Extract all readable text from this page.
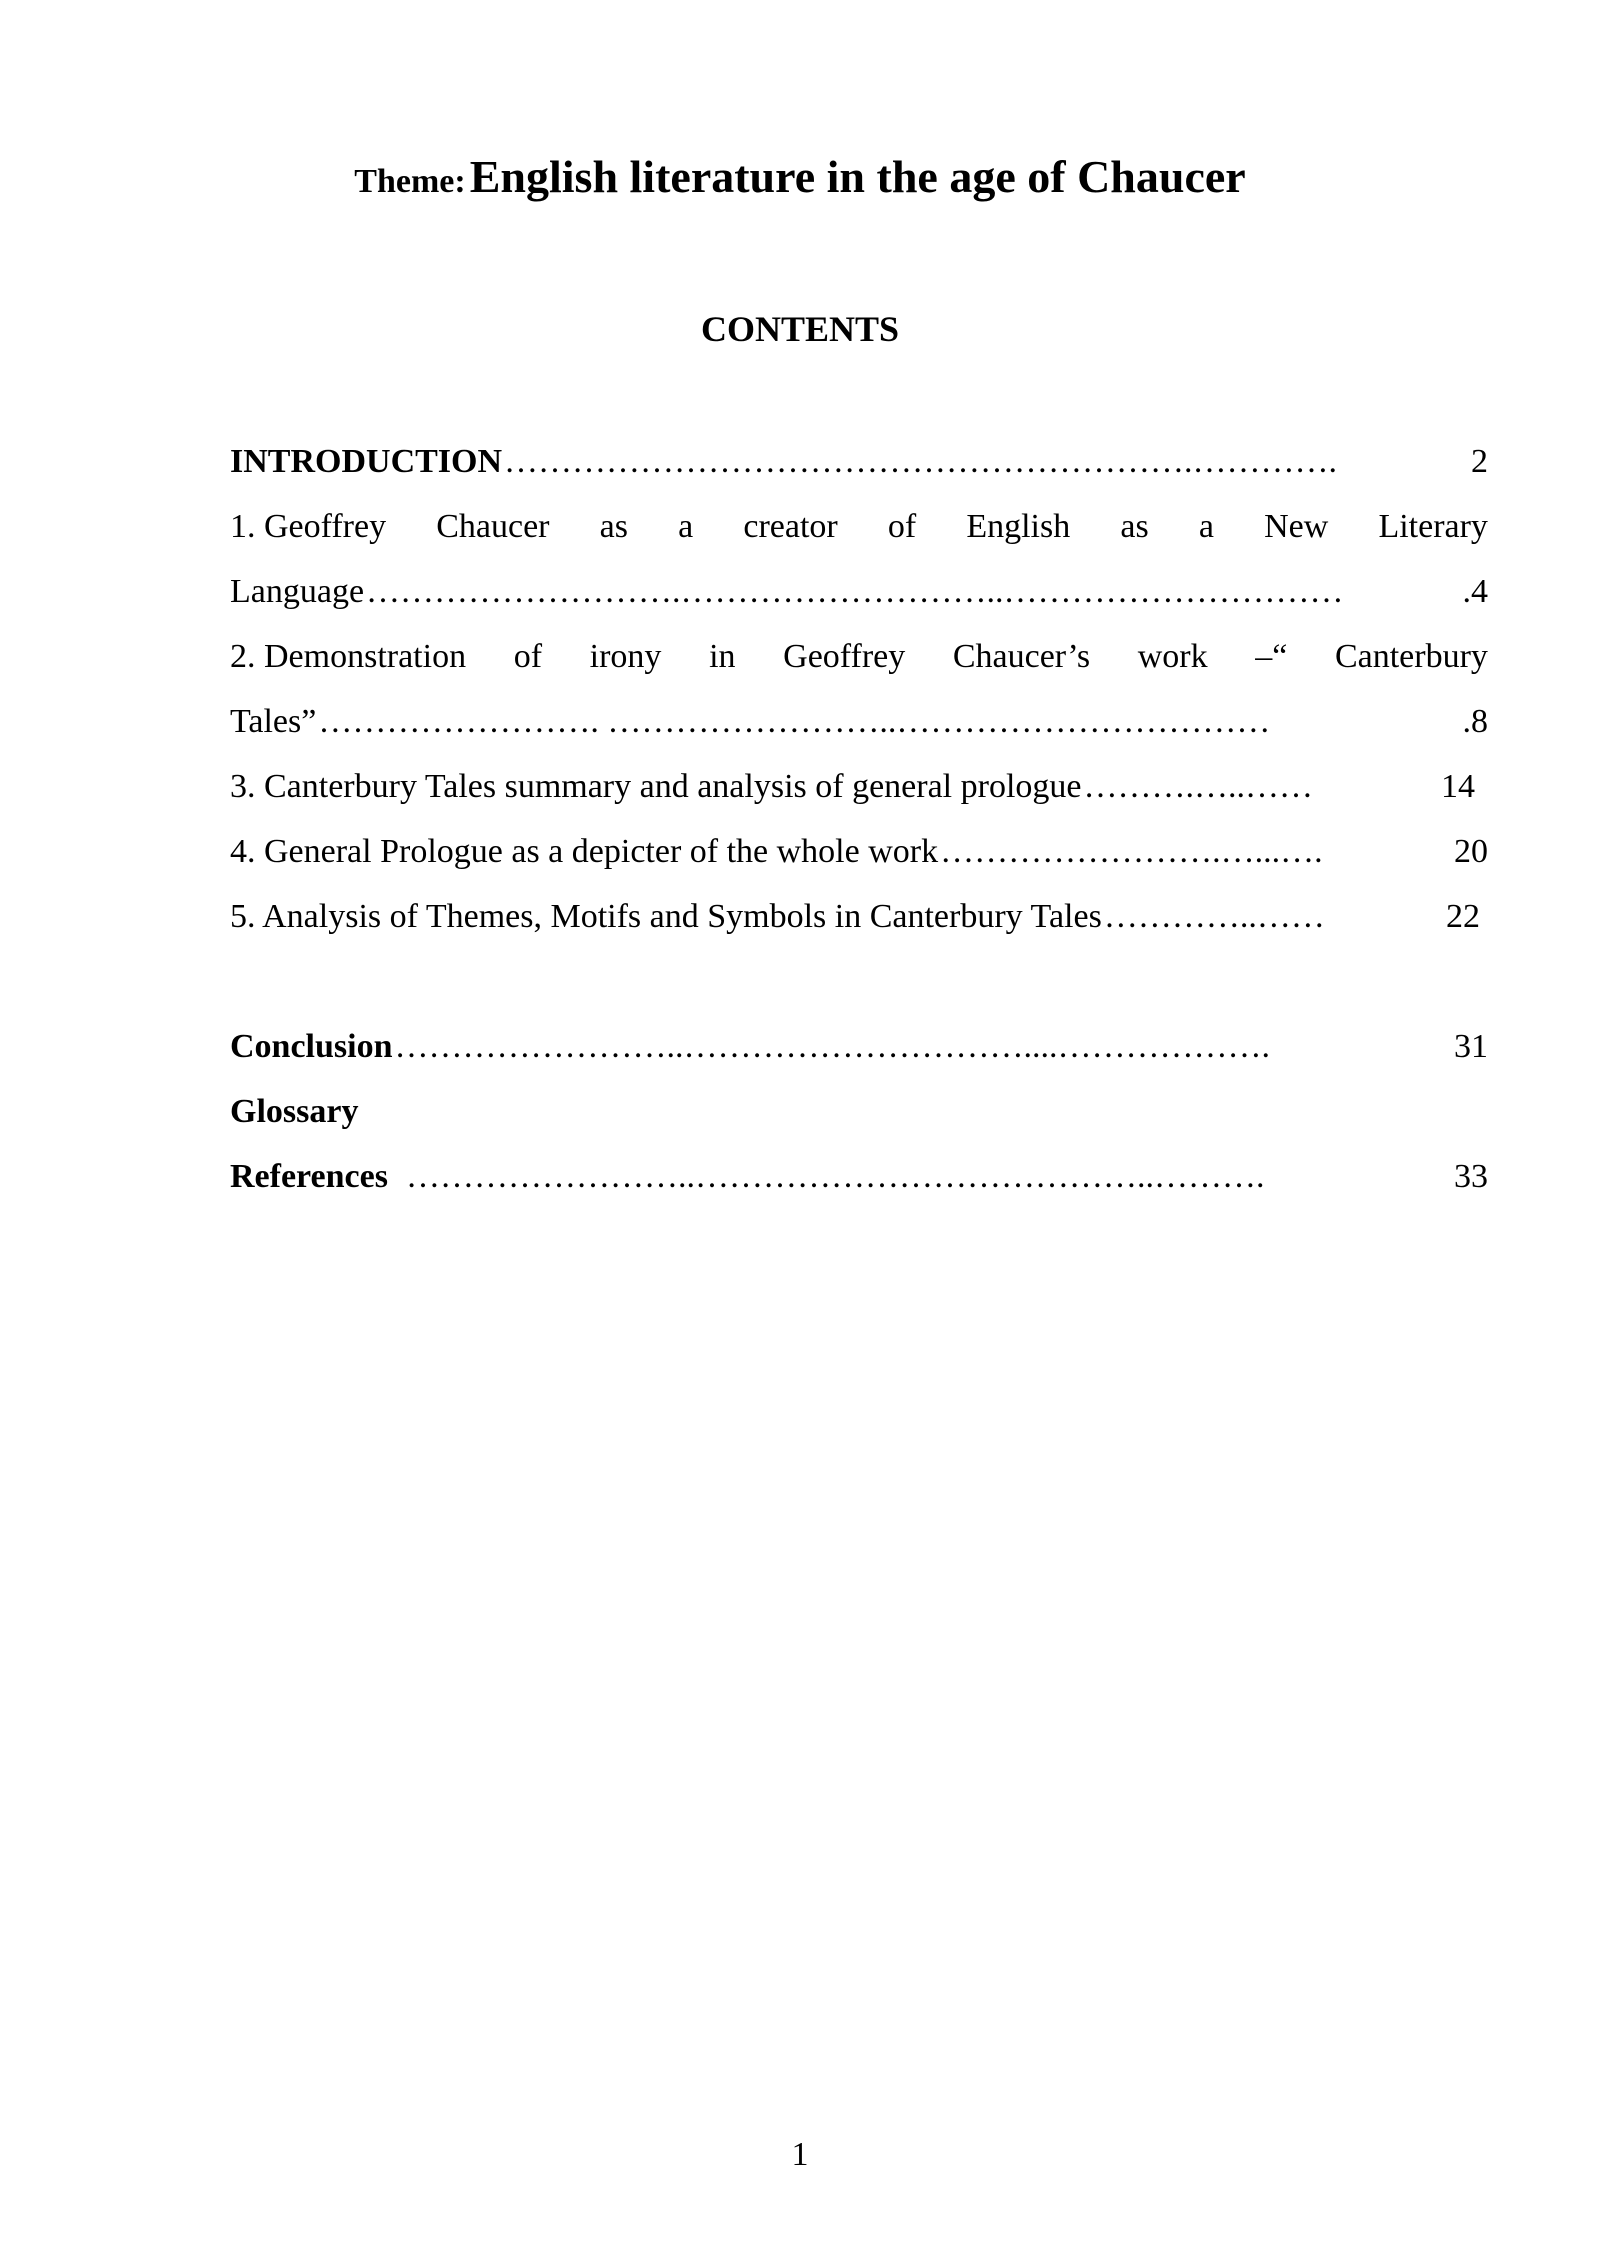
Theme: English literature in the age of Chaucer
CONTENTS
INTRODUCTION …………………………………………………….………….	2
1. Geoffrey Chaucer as a creator of English as a New Literary
Language ……………………….………………………..…………………………	.4
2. Demonstration of irony in Geoffrey Chaucer’s work –“ Canterbury
Tales” ……………………. ……………………..……………………………	.8
3. Canterbury Tales summary and analysis of general prologue ……….…..……	14
4. General Prologue as a depicter of the whole work …………………….…...….	20
5. Analysis of Themes, Motifs and Symbols in Canterbury Tales …………..……	22
Conclusion ……………………..…………………………....……………….	31
Glossary
References ……………………..…………………………………..……….	33
1
